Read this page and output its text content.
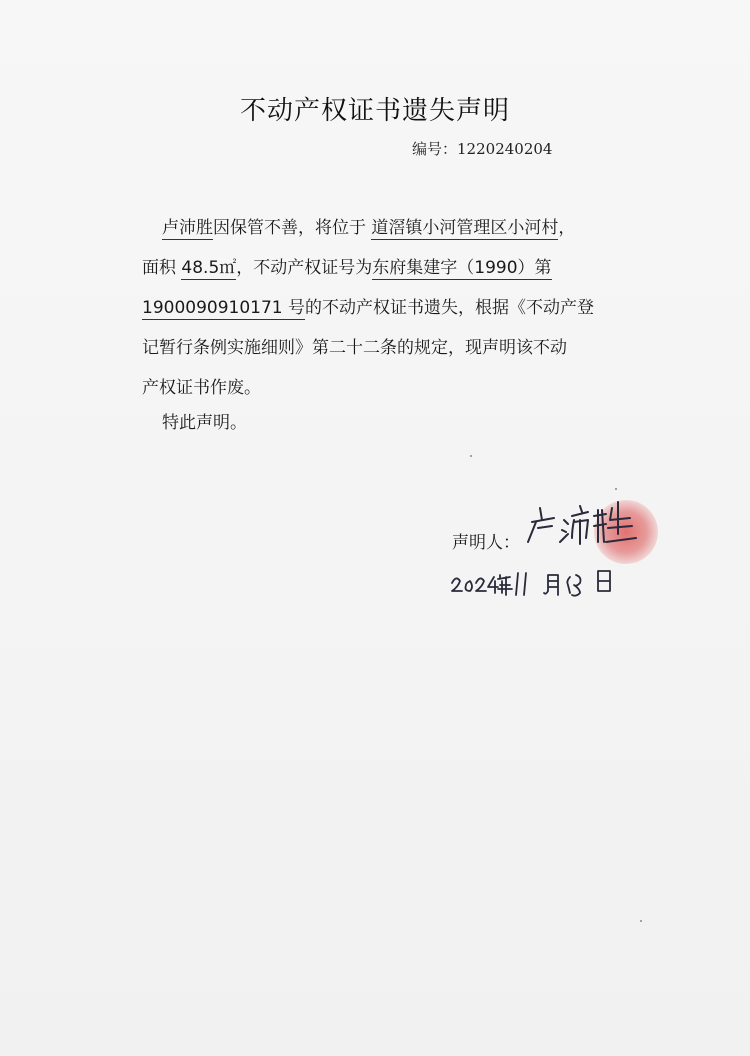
不动产权证书遗失声明
编号：1220240204
卢沛胜因保管不善，将位于 道滘镇小河管理区小河村，
面积 48.5㎡，不动产权证号为东府集建字（1990）第
1900090910171 号的不动产权证书遗失，根据《不动产登
记暂行条例实施细则》第二十二条的规定，现声明该不动
产权证书作废。
特此声明。
声明人：
